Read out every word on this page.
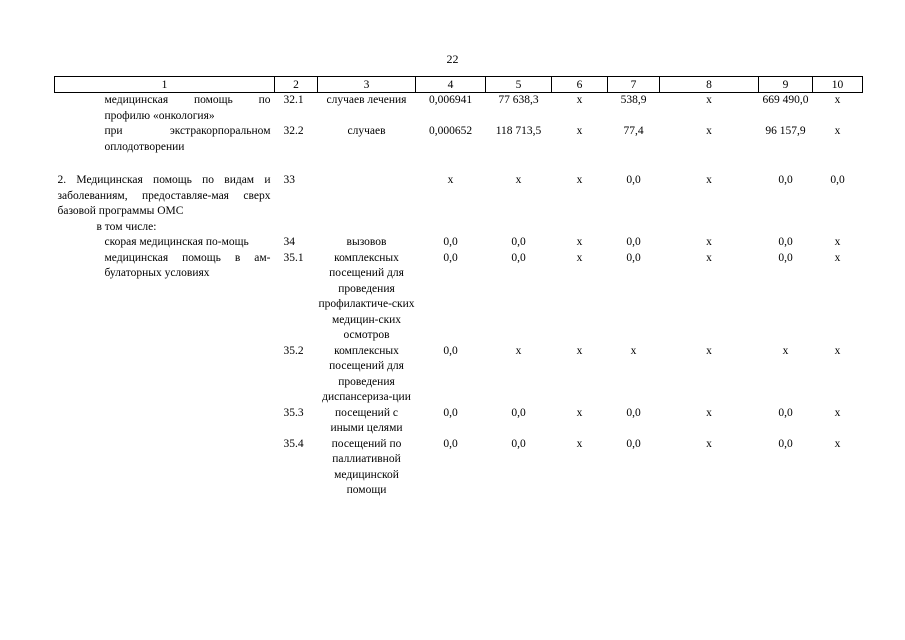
22
1	2	3	4	5	6	7	8	9	10
медицинская помощь по профилю «онкология»	32.1	случаев лечения	0,006941	77 638,3	х	538,9	х	669 490,0	х
при экстракорпоральном оплодотворении	32.2	случаев	0,000652	118 713,5	х	77,4	х	96 157,9	х

2. Медицинская помощь по видам и заболеваниям, предоставляе-мая сверх базовой программы ОМС	33		х	х	х	0,0	х	0,0	0,0
в том числе:									
скорая медицинская по-мощь	34	вызовов	0,0	0,0	х	0,0	х	0,0	х
медицинская помощь в ам-булаторных условиях	35.1	комплексных посещений для проведения профилактиче-ских медицин-ских осмотров	0,0	0,0	х	0,0	х	0,0	х
	35.2	комплексных посещений для проведения диспансериза-ции	0,0	х	х	х	х	х	х
	35.3	посещений с иными целями	0,0	0,0	х	0,0	х	0,0	х
	35.4	посещений по паллиативной медицинской помощи	0,0	0,0	х	0,0	х	0,0	х
